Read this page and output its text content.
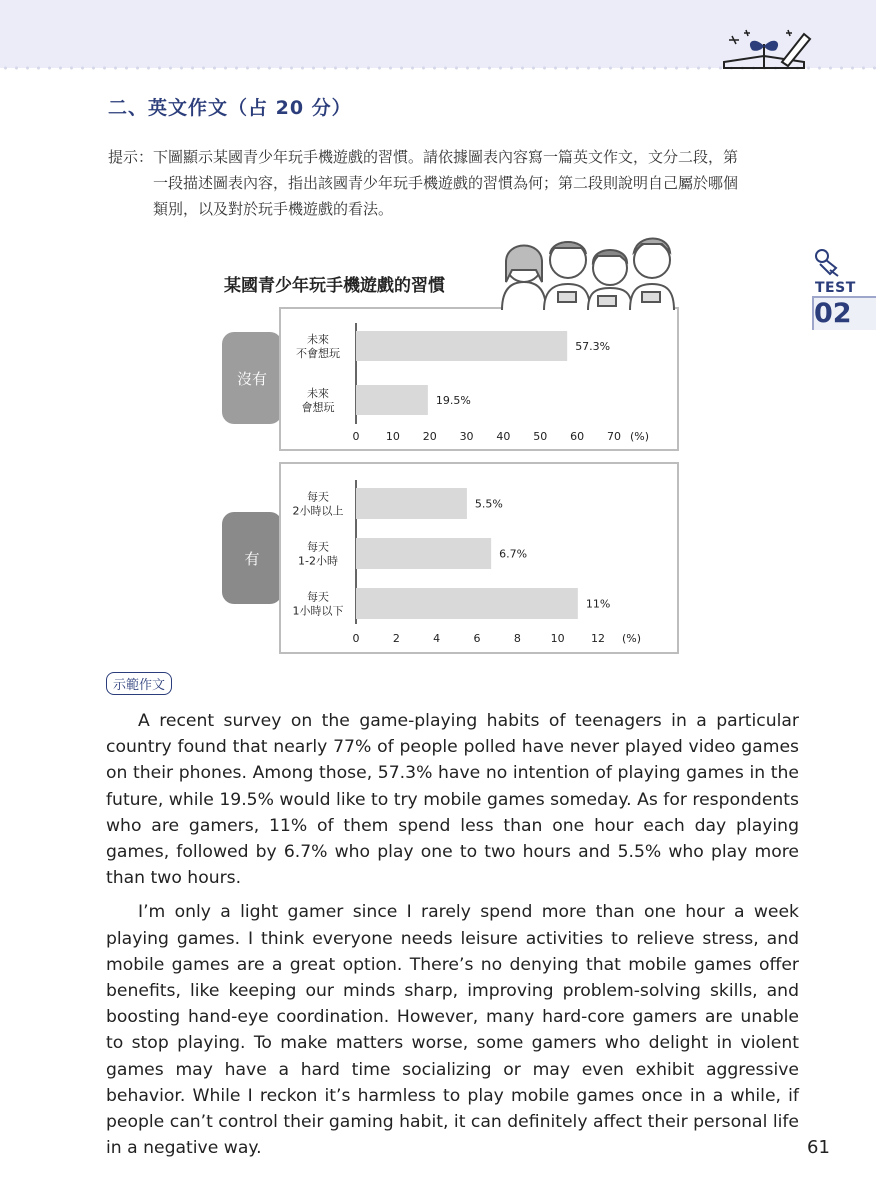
二、英文作文（占 20 分）
提示： 下圖顯示某國青少年玩手機遊戲的習慣。請依據圖表內容寫一篇英文作文，文分二段，第
一段描述圖表內容，指出該國青少年玩手機遊戲的習慣為何；第二段則說明自己屬於哪個
類別，以及對於玩手機遊戲的看法。
TEST
02
某國青少年玩手機遊戲的習慣
沒有
57.3%
未來
不會想玩
19.5%
未來
會想玩
0 10 20 30 40 50 60 70 (%)
有
5.5%
每天
2小時以上
6.7%
每天
1-2小時
11%
每天
1小時以下
0	2	4	6	8	10 12 (%)
示範作文

A recent survey on the game-playing habits of teenagers in a particular country found that nearly 77% of people polled have never played video games on their phones. Among those, 57.3% have no intention of playing games in the future, while 19.5% would like to try mobile games someday. As for respondents who are gamers, 11% of them spend less than one hour each day playing games, followed by 6.7% who play one to two hours and 5.5% who play more than two hours.

I’m only a light gamer since I rarely spend more than one hour a week playing games. I think everyone needs leisure activities to relieve stress, and mobile games are a great option. There’s no denying that mobile games offer benefits, like keeping our minds sharp, improving problem-solving skills, and boosting hand-eye coordination. However, many hard-core gamers are unable to stop playing. To make matters worse, some gamers who delight in violent games may have a hard time socializing or may even exhibit aggressive behavior. While I reckon it’s harmless to play mobile games once in a while, if people can’t control their gaming habit, it can definitely affect their personal life in a negative way.	61
